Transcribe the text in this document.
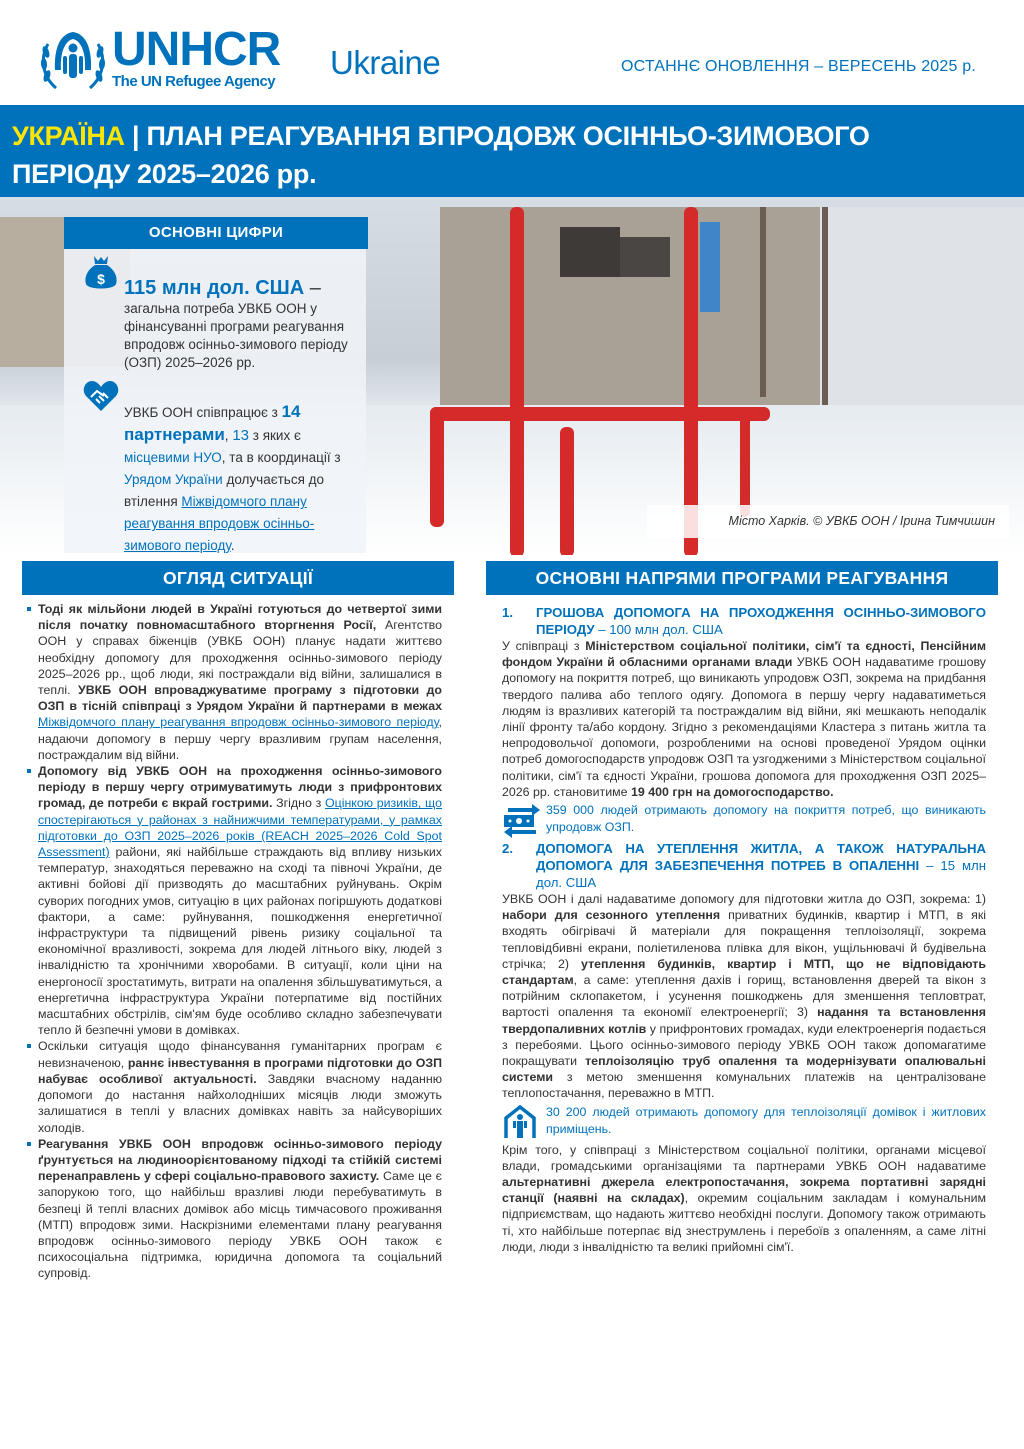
UNHCR
The UN Refugee Agency
Ukraine	ОСТАННЄ ОНОВЛЕННЯ – ВЕРЕСЕНЬ 2025 р.
УКРАЇНА | ПЛАН РЕАГУВАННЯ ВПРОДОВЖ ОСІННЬО-ЗИМОВОГО
ПЕРІОДУ 2025–2026 рр.
ОСНОВНІ ЦИФРИ
$ 115 млн дол. США –
загальна потреба УВКБ ООН у фінансуванні програми реагування впродовж осінньо-зимового періоду (ОЗП) 2025–2026 рр.
УВКБ ООН співпрацює з 14 партнерами, 13 з яких є місцевими НУО, та в координації з Урядом України долучається до втілення Міжвідомчого плану реагування впродовж осінньо-зимового періоду.
Місто Харків. © УВКБ ООН / Ірина Тимчишин
ОГЛЯД СИТУАЦІЇ

Тоді як мільйони людей в Україні готуються до четвертої зими після початку повномасштабного вторгнення Росії, Агентство ООН у справах біженців (УВКБ ООН) планує надати життєво необхідну допомогу для проходження осінньо-зимового періоду 2025–2026 рр., щоб люди, які постраждали від війни, залишалися в теплі. УВКБ ООН впроваджуватиме програму з підготовки до ОЗП в тісній співпраці з Урядом України й партнерами в межах Міжвідомчого плану реагування впродовж осінньо-зимового періоду, надаючи допомогу в першу чергу вразливим групам населення, постраждалим від війни.

Допомогу від УВКБ ООН на проходження осінньо-зимового періоду в першу чергу отримуватимуть люди з прифронтових громад, де потреби є вкрай гострими. Згідно з Оцінкою ризиків, що спостерігаються у районах з найнижчими температурами, у рамках підготовки до ОЗП 2025–2026 років (REACH 2025–2026 Cold Spot Assessment) райони, які найбільше страждають від впливу низьких температур, знаходяться переважно на сході та півночі України, де активні бойові дії призводять до масштабних руйнувань. Окрім суворих погодних умов, ситуацію в цих районах погіршують додаткові фактори, а саме: руйнування, пошкодження енергетичної інфраструктури та підвищений рівень ризику соціальної та економічної вразливості, зокрема для людей літнього віку, людей з інвалідністю та хронічними хворобами. В ситуації, коли ціни на енергоносії зростатимуть, витрати на опалення збільшуватимуться, а енергетична інфраструктура України потерпатиме від постійних масштабних обстрілів, сім'ям буде особливо складно забезпечувати тепло й безпечні умови в домівках.

Оскільки ситуація щодо фінансування гуманітарних програм є невизначеною, раннє інвестування в програми підготовки до ОЗП набуває особливої актуальності. Завдяки вчасному наданню допомоги до настання найхолодніших місяців люди зможуть залишатися в теплі у власних домівках навіть за найсуворіших холодів.

Реагування УВКБ ООН впродовж осінньо-зимового періоду ґрунтується на людиноорієнтованому підході та стійкій системі перенаправлень у сфері соціально-правового захисту. Саме це є запорукою того, що найбільш вразливі люди перебуватимуть в безпеці й теплі власних домівок або місць тимчасового проживання (МТП) впродовж зими. Наскрізними елементами плану реагування впродовж осінньо-зимового періоду УВКБ ООН також є психосоціальна підтримка, юридична допомога та соціальний супровід.

ОСНОВНІ НАПРЯМИ ПРОГРАМИ РЕАГУВАННЯ
1.	ГРОШОВА ДОПОМОГА НА ПРОХОДЖЕННЯ ОСІННЬО-ЗИМОВОГО ПЕРІОДУ – 100 млн дол. США

У співпраці з Міністерством соціальної політики, сім'ї та єдності, Пенсійним фондом України й обласними органами влади УВКБ ООН надаватиме грошову допомогу на покриття потреб, що виникають упродовж ОЗП, зокрема на придбання твердого палива або теплого одягу. Допомога в першу чергу надаватиметься людям із вразливих категорій та постраждалим від війни, які мешкають неподалік лінії фронту та/або кордону. Згідно з рекомендаціями Кластера з питань житла та непродовольчої допомоги, розробленими на основі проведеної Урядом оцінки потреб домогосподарств упродовж ОЗП та узгодженими з Міністерством соціальної політики, сім'ї та єдності України, грошова допомога для проходження ОЗП 2025–2026 рр. становитиме 19 400 грн на домогосподарство.

359 000 людей отримають допомогу на покриття потреб, що виникають упродовж ОЗП.
2.	ДОПОМОГА НА УТЕПЛЕННЯ ЖИТЛА, А ТАКОЖ НАТУРАЛЬНА ДОПОМОГА ДЛЯ ЗАБЕЗПЕЧЕННЯ ПОТРЕБ В ОПАЛЕННІ – 15 млн дол. США

УВКБ ООН і далі надаватиме допомогу для підготовки житла до ОЗП, зокрема: 1) набори для сезонного утеплення приватних будинків, квартир і МТП, в які входять обігрівачі й матеріали для покращення теплоізоляції, зокрема тепловідбивні екрани, поліетиленова плівка для вікон, ущільнювачі й будівельна стрічка; 2) утеплення будинків, квартир і МТП, що не відповідають стандартам, а саме: утеплення дахів і горищ, встановлення дверей та вікон з потрійним склопакетом, і усунення пошкоджень для зменшення тепловтрат, вартості опалення та економії електроенергії; 3) надання та встановлення твердопаливних котлів у прифронтових громадах, куди електроенергія подається з перебоями. Цього осінньо-зимового періоду УВКБ ООН також допомагатиме покращувати теплоізоляцію труб опалення та модернізувати опалювальні системи з метою зменшення комунальних платежів на централізоване теплопостачання, переважно в МТП.

30 200 людей отримають допомогу для теплоізоляції домівок і житлових приміщень.

Крім того, у співпраці з Міністерством соціальної політики, органами місцевої влади, громадськими організаціями та партнерами УВКБ ООН надаватиме альтернативні джерела електропостачання, зокрема портативні зарядні станції (наявні на складах), окремим соціальним закладам і комунальним підприємствам, що надають життєво необхідні послуги. Допомогу також отримають ті, хто найбільше потерпає від знеструмлень і перебоїв з опаленням, а саме літні люди, люди з інвалідністю та великі прийомні сім'ї.
